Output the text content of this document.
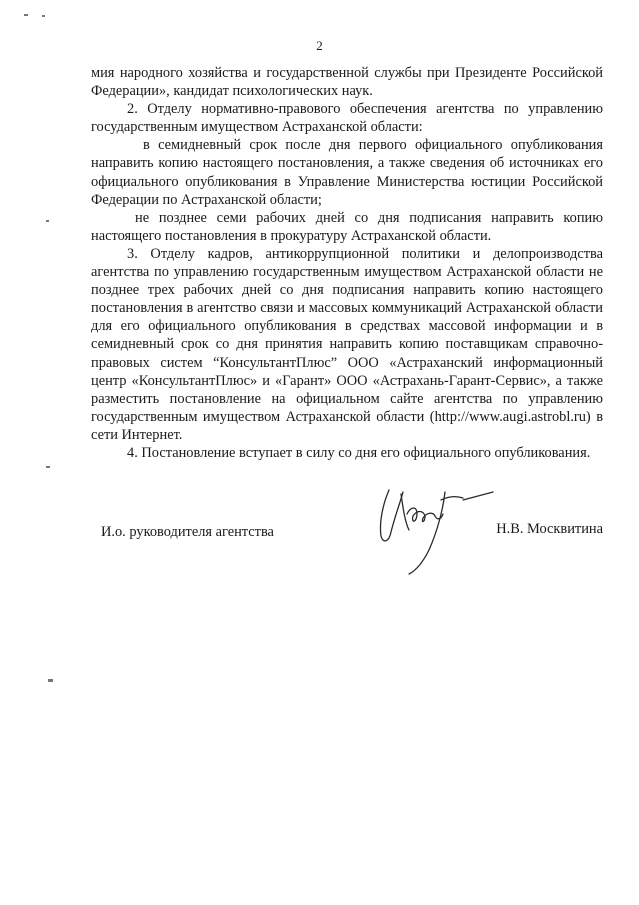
2

мия народного хозяйства и государственной службы при Президенте Российской Федерации», кандидат психологических наук.

2. Отделу нормативно-правового обеспечения агентства по управлению государственным имуществом Астраханской области:

в семидневный срок после дня первого официального опубликования направить копию настоящего постановления, а также сведения об источниках его официального опубликования в Управление Министерства юстиции Российской Федерации по Астраханской области;

не позднее семи рабочих дней со дня подписания направить копию настоящего постановления в прокуратуру Астраханской области.

3. Отделу кадров, антикоррупционной политики и делопроизводства агентства по управлению государственным имуществом Астраханской области не позднее трех рабочих дней со дня подписания направить копию настоящего постановления в агентство связи и массовых коммуникаций Астраханской области для его официального опубликования в средствах массовой информации и в семидневный срок со дня принятия направить копию поставщикам справочно-правовых систем “КонсультантПлюс” ООО «Астраханский информационный центр «КонсультантПлюс» и «Гарант» ООО «Астрахань-Гарант-Сервис», а также разместить постановление на официальном сайте агентства по управлению государственным имуществом Астраханской области (http://www.augi.astrobl.ru) в сети Интернет.

4. Постановление вступает в силу со дня его официального опубликования.

И.о. руководителя агентства	Н.В. Москвитина
